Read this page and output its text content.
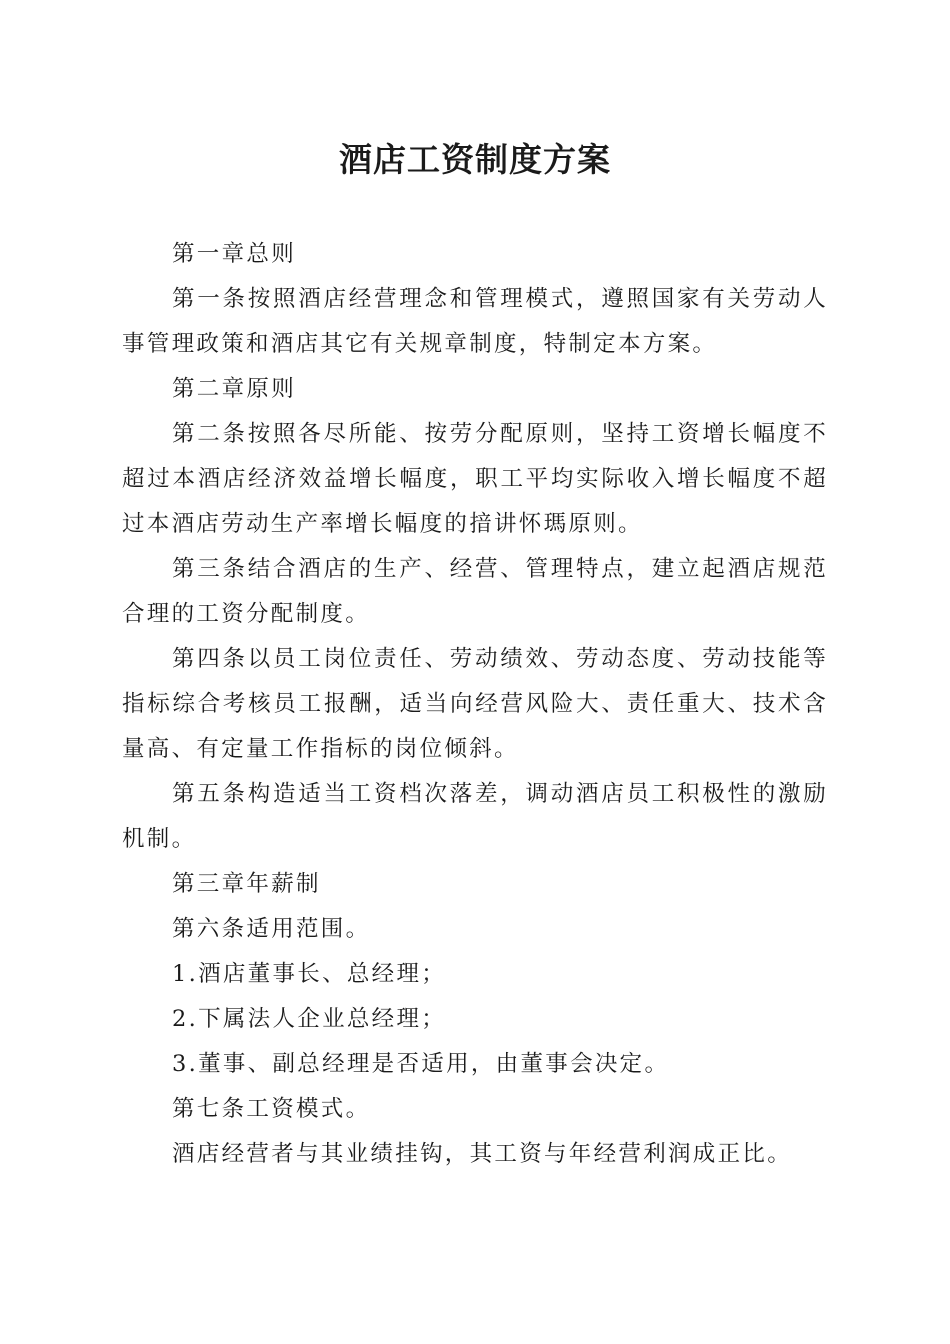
酒店工资制度方案

第一章总则

第一条按照酒店经营理念和管理模式，遵照国家有关劳动人事管理政策和酒店其它有关规章制度，特制定本方案。

第二章原则

第二条按照各尽所能、按劳分配原则，坚持工资增长幅度不超过本酒店经济效益增长幅度，职工平均实际收入增长幅度不超过本酒店劳动生产率增长幅度的揞讲怀瑪原则。

第三条结合酒店的生产、经营、管理特点，建立起酒店规范合理的工资分配制度。

第四条以员工岗位责任、劳动绩效、劳动态度、劳动技能等指标综合考核员工报酬，适当向经营风险大、责任重大、技术含量高、有定量工作指标的岗位倾斜。

第五条构造适当工资档次落差，调动酒店员工积极性的激励机制。

第三章年薪制

第六条适用范围。

1.酒店董事长、总经理；

2.下属法人企业总经理；

3.董事、副总经理是否适用，由董事会决定。

第七条工资模式。

酒店经营者与其业绩挂钩，其工资与年经营利润成正比。
